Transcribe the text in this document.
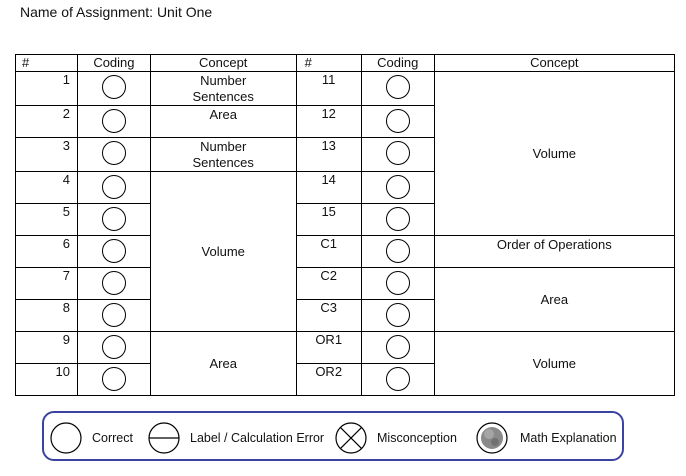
Name of Assignment: Unit One
#	Coding	Concept	#	Coding	Concept
1		Number Sentences	11		Volume
2		Area	12		

3		Number Sentences	13		

4		Volume	14		

5			15		

6			C1		Order of Operations
7			C2		Area
8			C3		

9		Area	OR1		Volume
10			OR2		
Correct	Label / Calculation Error	Misconception	Math Explanation
